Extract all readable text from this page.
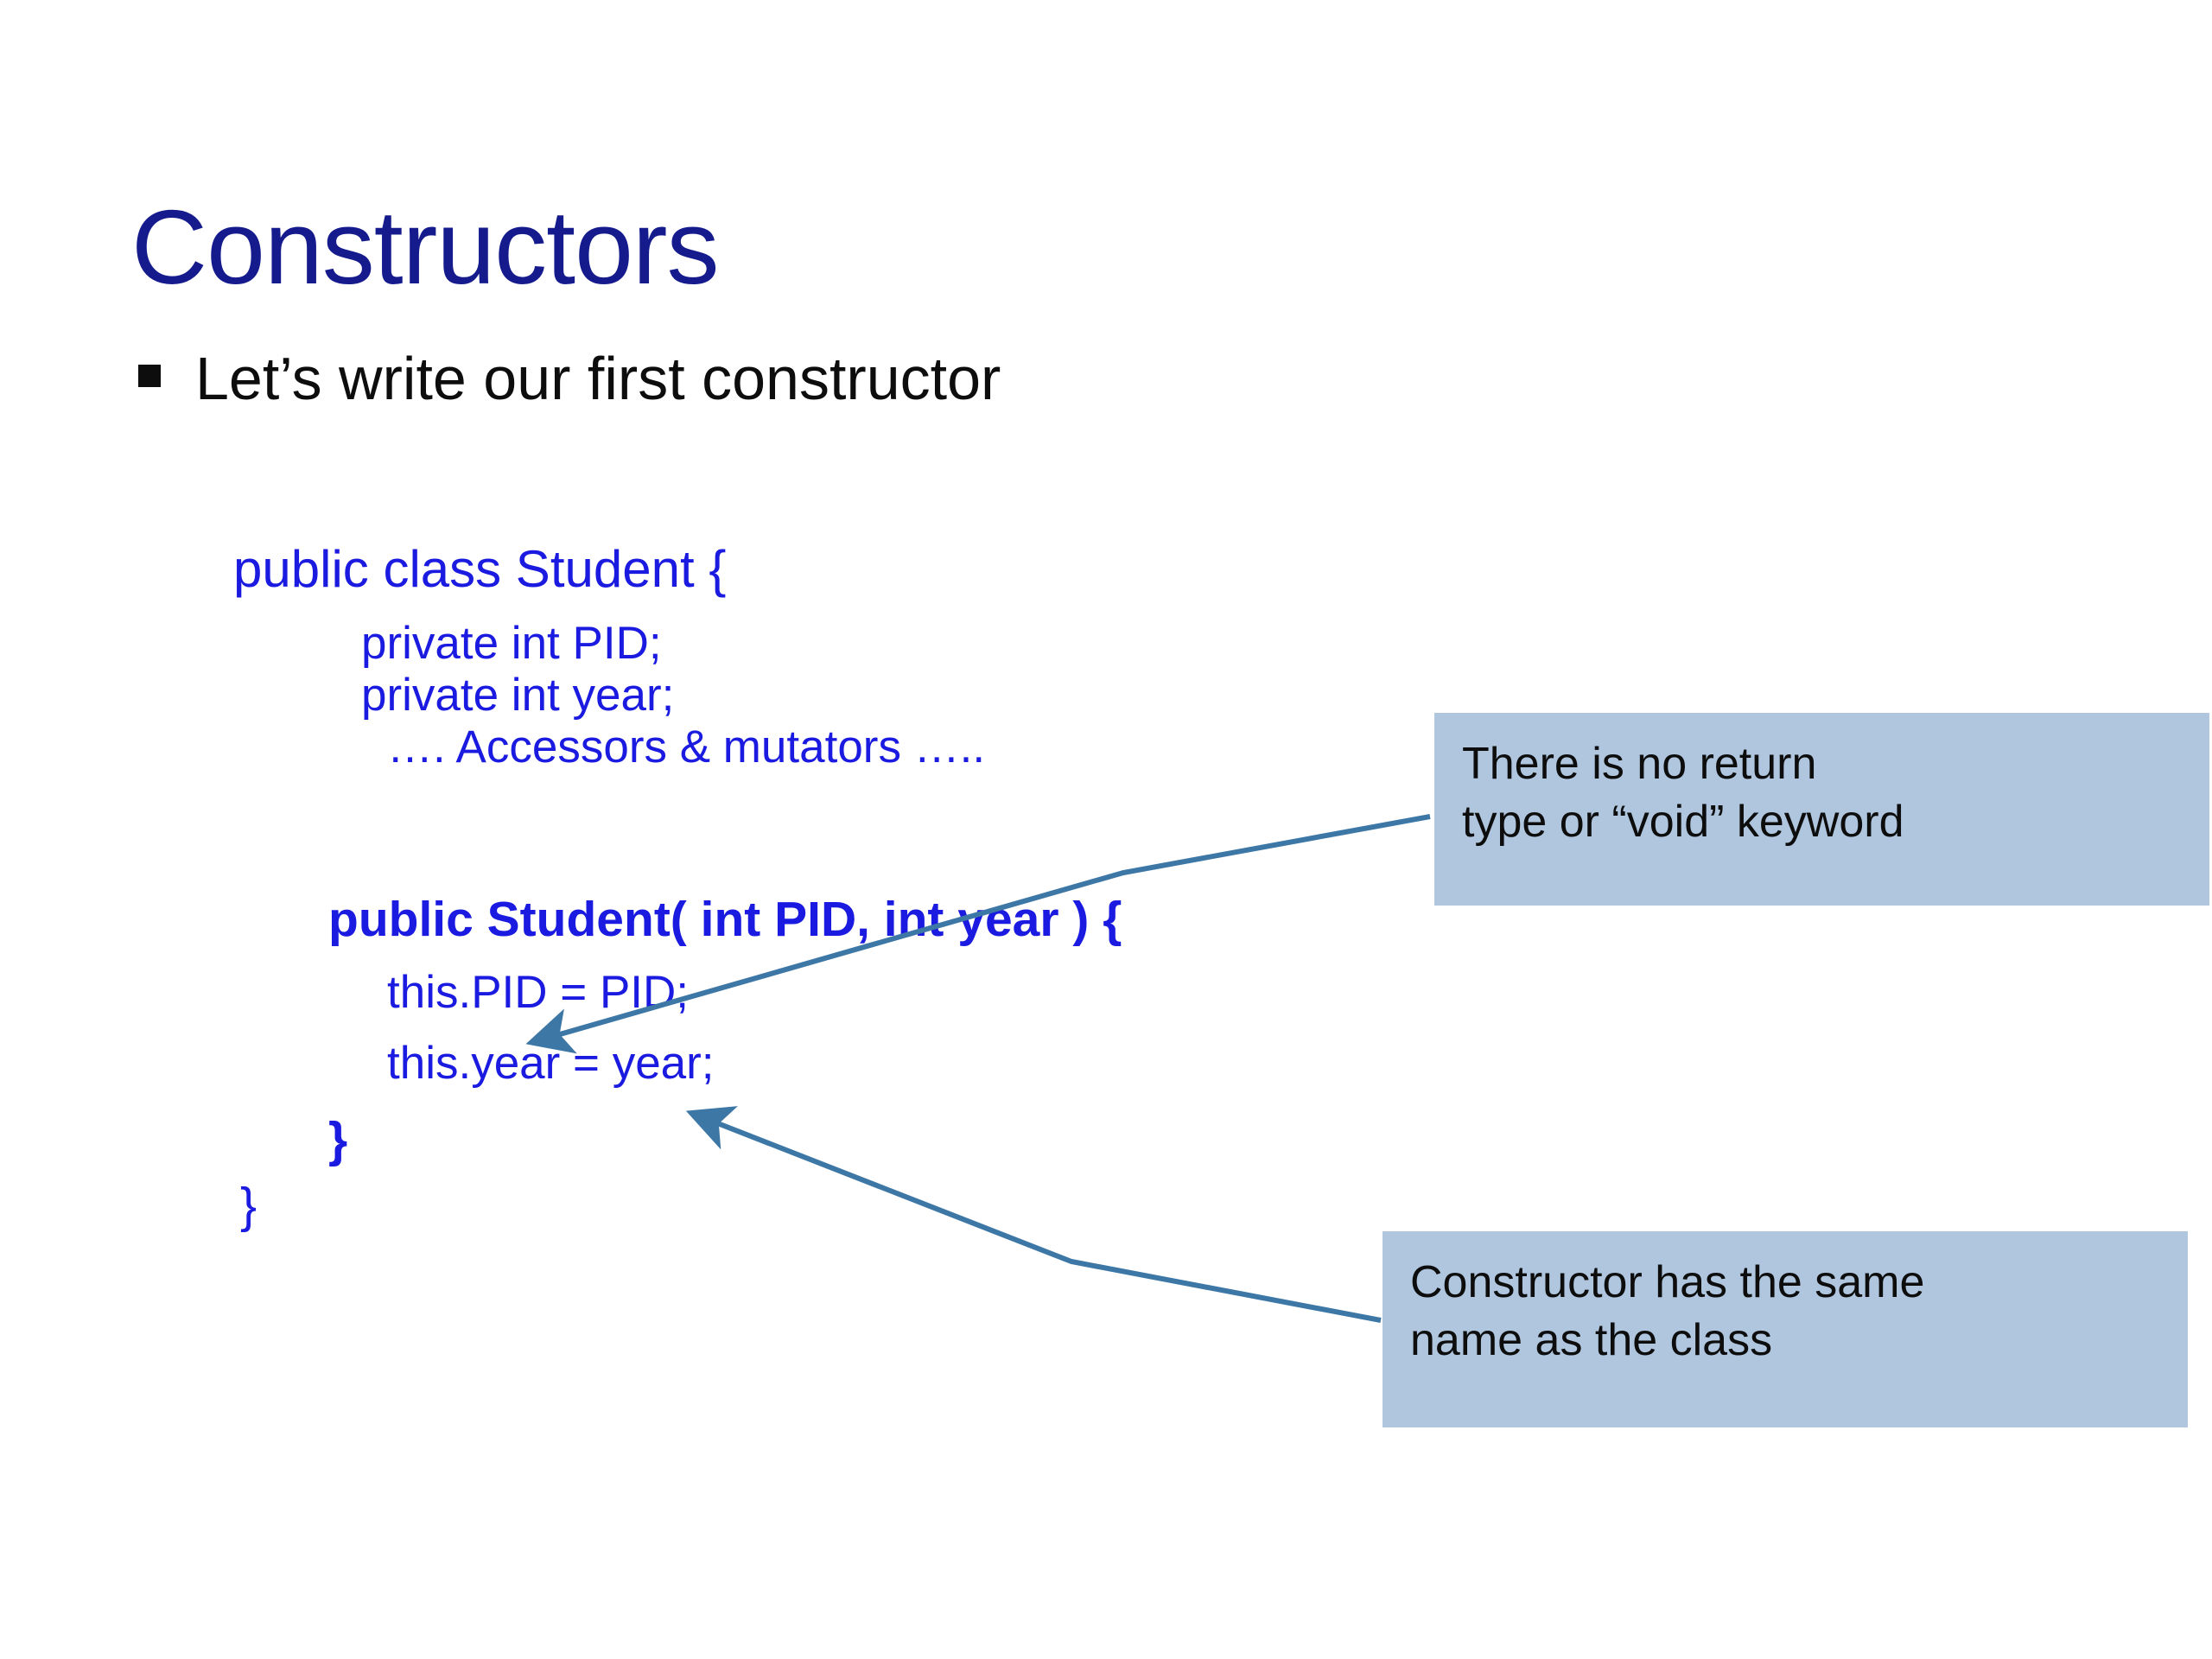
Constructors
Let’s write our first constructor
public class Student {
private int PID;
private int year;
…. Accessors & mutators …..
public Student( int PID, int year ) {
this.PID = PID;
this.year = year;
}
}
There is no return
type or “void” keyword
Constructor has the same
name as the class
